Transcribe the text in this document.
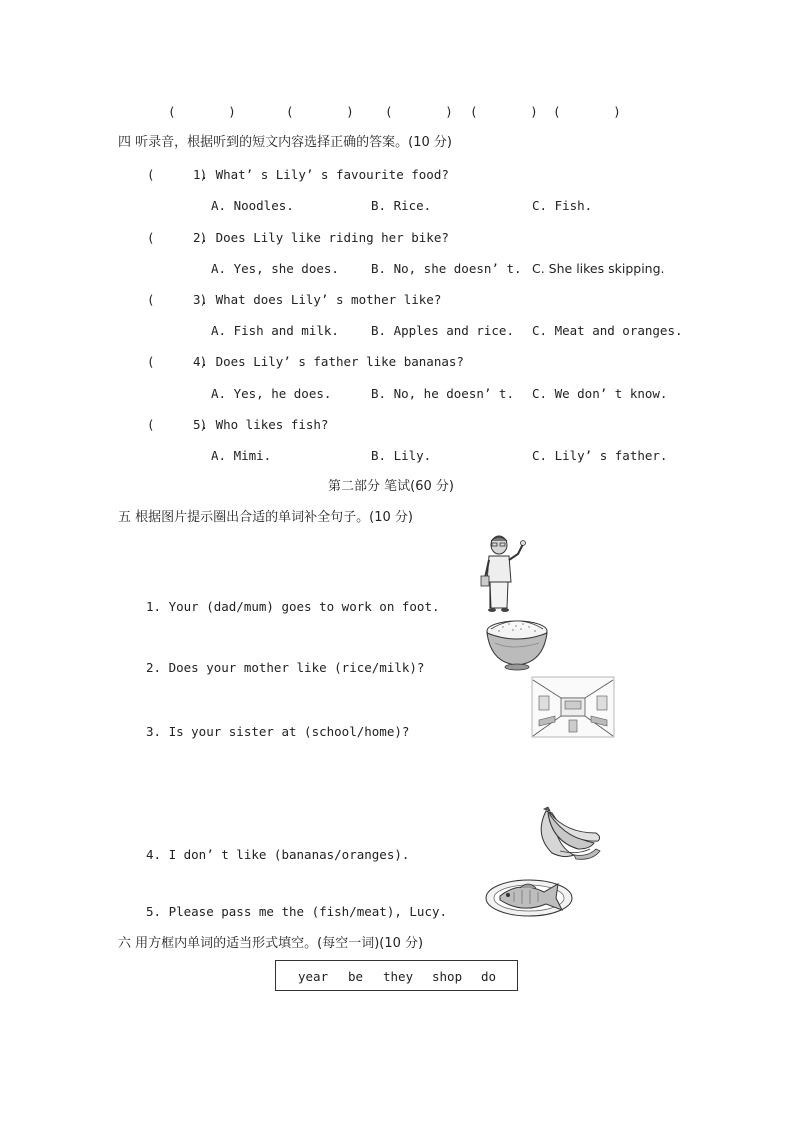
(       )	(       )	(       ) (       ) (       )
四 听录音，根据听到的短文内容选择正确的答案。(10 分)
(      )
1. What’ s Lily’ s favourite food?
A. Noodles.	B. Rice.	C. Fish.
(      )
2. Does Lily like riding her bike?
A. Yes, she does.	B. No, she doesn’ t. C. She likes skipping.
(      )
3. What does Lily’ s mother like?
A. Fish and milk.	B. Apples and rice. C. Meat and oranges.
(      )
4. Does Lily’ s father like bananas?
A. Yes, he does.	B. No, he doesn’ t. C. We don’ t know.
(      )
5. Who likes fish?
A. Mimi.	B. Lily.	C. Lily’ s father.
第二部分 笔试(60 分)
五 根据图片提示圈出合适的单词补全句子。(10 分)
1. Your (dad/mum) goes to work on foot.
2. Does your mother like (rice/milk)?
3. Is your sister at (school/home)?
4. I don’ t like (bananas/oranges).
5. Please pass me the (fish/meat), Lucy.
六 用方框内单词的适当形式填空。(每空一词)(10 分)
year be they shop do
